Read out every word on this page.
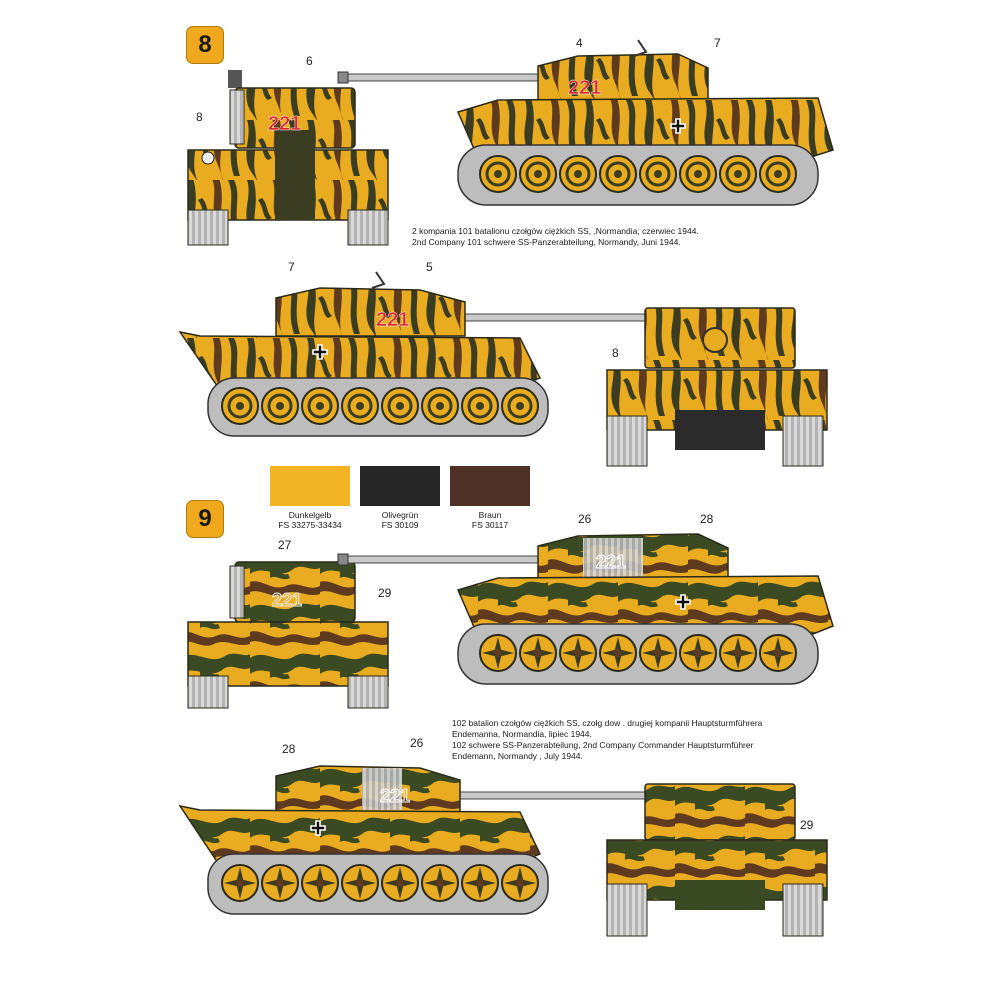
8
221
6
8
221
4	7
2 kompania 101 batalionu czołgów ciężkich SS, ,Normandia, czerwiec 1944.
2nd Company 101 schwere SS-Panzerabteilung, Normandy, Juni 1944.
221
7	5
8
Dunkelgelb
FS 33275-33434
Olivegrün
FS 30109
Braun
FS 30117
9
221
27
29
221
26	28
102 batalion czołgów ciężkich SS, czołg dow . drugiej kompanii Hauptsturmführera
Endemanna, Normandia, lipiec 1944.
102 schwere SS-Panzerabteilung, 2nd Company Commander Hauptsturmführer
Endemann, Normandy , July 1944.
221
28	26
29
